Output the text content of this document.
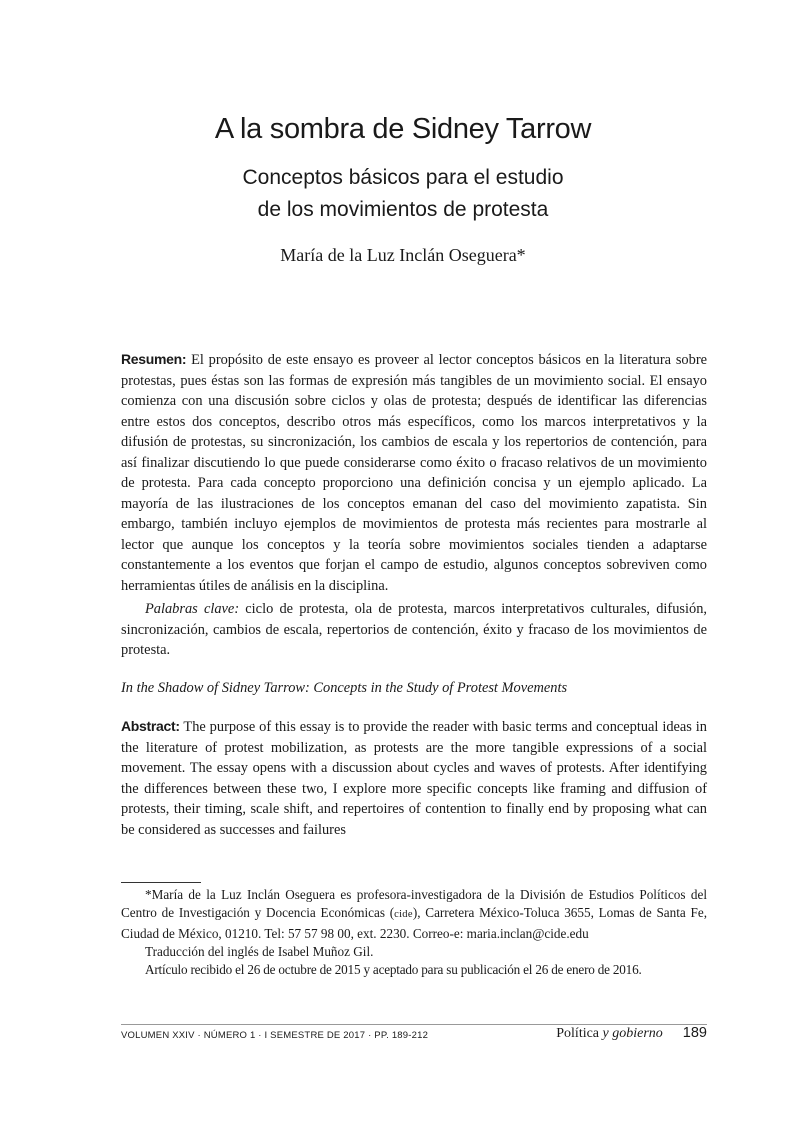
A la sombra de Sidney Tarrow
Conceptos básicos para el estudio
de los movimientos de protesta
María de la Luz Inclán Oseguera*

Resumen: El propósito de este ensayo es proveer al lector conceptos básicos en la literatura sobre protestas, pues éstas son las formas de expresión más tangibles de un movimiento social. El ensayo comienza con una discusión sobre ciclos y olas de protesta; después de identificar las diferencias entre estos dos conceptos, describo otros más específicos, como los marcos interpretativos y la difusión de protestas, su sincronización, los cambios de escala y los repertorios de contención, para así finalizar discutiendo lo que puede considerarse como éxito o fracaso relativos de un movimiento de protesta. Para cada concepto proporciono una definición concisa y un ejemplo aplicado. La mayoría de las ilustraciones de los conceptos emanan del caso del movimiento zapatista. Sin embargo, también incluyo ejemplos de movimientos de protesta más recientes para mostrarle al lector que aunque los conceptos y la teoría sobre movimientos sociales tienden a adaptarse constantemente a los eventos que forjan el campo de estudio, algunos conceptos sobreviven como herramientas útiles de análisis en la disciplina.

Palabras clave: ciclo de protesta, ola de protesta, marcos interpretativos culturales, difusión, sincronización, cambios de escala, repertorios de contención, éxito y fracaso de los movimientos de protesta.

In the Shadow of Sidney Tarrow: Concepts in the Study of Protest Movements

Abstract: The purpose of this essay is to provide the reader with basic terms and conceptual ideas in the literature of protest mobilization, as protests are the more tangible expressions of a social movement. The essay opens with a discussion about cycles and waves of protests. After identifying the differences between these two, I explore more specific concepts like framing and diffusion of protests, their timing, scale shift, and repertoires of contention to finally end by proposing what can be considered as successes and failures

*María de la Luz Inclán Oseguera es profesora-investigadora de la División de Estudios Políticos del Centro de Investigación y Docencia Económicas (cide), Carretera México-Toluca 3655, Lomas de Santa Fe, Ciudad de México, 01210. Tel: 57 57 98 00, ext. 2230. Correo-e: maria.inclan@cide.edu

Traducción del inglés de Isabel Muñoz Gil.

Artículo recibido el 26 de octubre de 2015 y aceptado para su publicación el 26 de enero de 2016.

VOLUMEN XXIV · NÚMERO 1 · I SEMESTRE DE 2017 · PP. 189-212	Política y gobierno 189
